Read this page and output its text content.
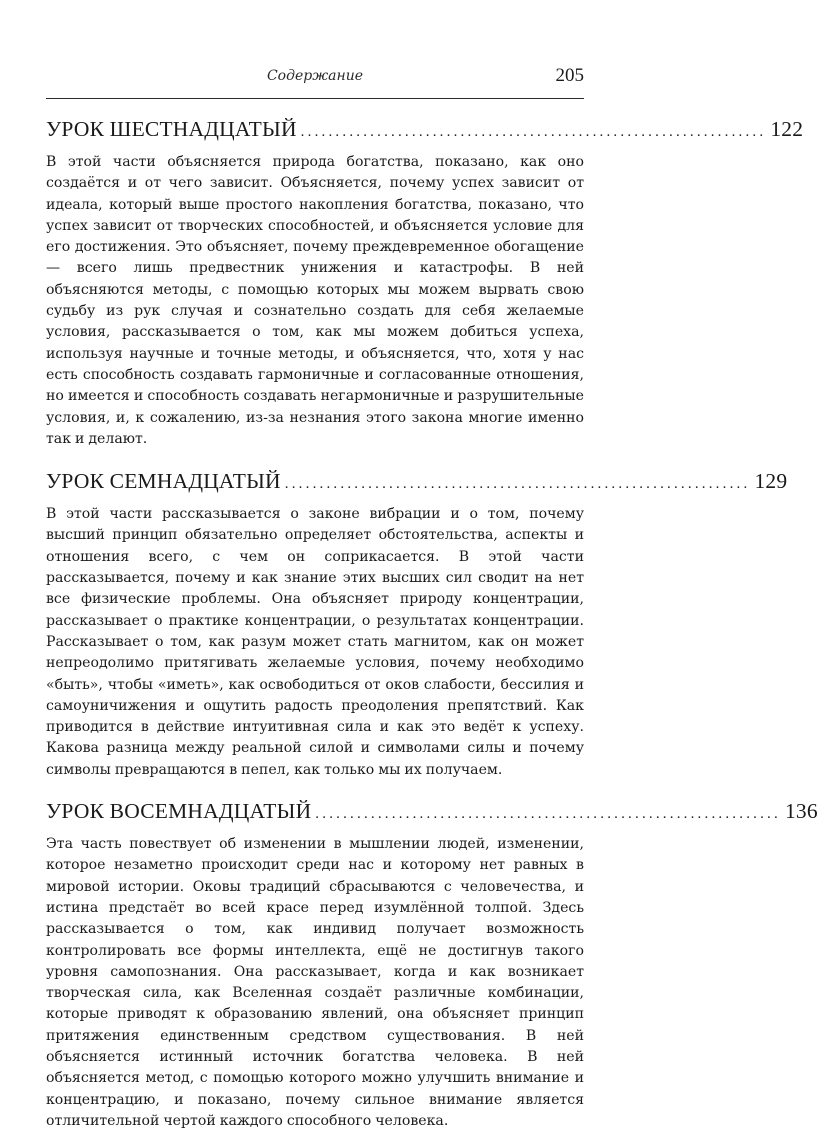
Содержание	205
УРОК ШЕСТНАДЦАТЫЙ ................................................................... 122

В этой части объясняется природа богатства, показано, как оно создаётся и от чего зависит. Объясняется, почему успех зависит от идеала, который выше простого накопления богатства, показано, что успех зависит от творческих способностей, и объясняется условие для его достижения. Это объясняет, почему преждевременное обогащение — всего лишь предвестник унижения и катастрофы. В ней объясняются методы, с помощью которых мы можем вырвать свою судьбу из рук случая и сознательно создать для себя желаемые условия, рассказывается о том, как мы можем добиться успеха, используя научные и точные методы, и объясняется, что, хотя у нас есть способность создавать гармоничные и согласованные отношения, но имеется и способность создавать негармоничные и разрушительные условия, и, к сожалению, из-за незнания этого закона многие именно так и делают.

УРОК СЕМНАДЦАТЫЙ ................................................................... 129

В этой части рассказывается о законе вибрации и о том, почему высший принцип обязательно определяет обстоятельства, аспекты и отношения всего, с чем он соприкасается. В этой части рассказывается, почему и как знание этих высших сил сводит на нет все физические проблемы. Она объясняет природу концентрации, рассказывает о практике концентрации, о результатах концентрации. Рассказывает о том, как разум может стать магнитом, как он может непреодолимо притягивать желаемые условия, почему необходимо «быть», чтобы «иметь», как освободиться от оков слабости, бессилия и самоуничижения и ощутить радость преодоления препятствий. Как приводится в действие интуитивная сила и как это ведёт к успеху. Какова разница между реальной силой и символами силы и почему символы превращаются в пепел, как только мы их получаем.

УРОК ВОСЕМНАДЦАТЫЙ ................................................................... 136

Эта часть повествует об изменении в мышлении людей, изменении, которое незаметно происходит среди нас и которому нет равных в мировой истории. Оковы традиций сбрасываются с человечества, и истина предстаёт во всей красе перед изумлённой толпой. Здесь рассказывается о том, как индивид получает возможность контролировать все формы интеллекта, ещё не достигнув такого уровня самопознания. Она рассказывает, когда и как возникает творческая сила, как Вселенная создаёт различные комбинации, которые приводят к образованию явлений, она объясняет принцип притяжения единственным средством существования. В ней объясняется истинный источник богатства человека. В ней объясняется метод, с помощью которого можно улучшить внимание и концентрацию, и показано, почему сильное внимание является отличительной чертой каждого способного человека.
